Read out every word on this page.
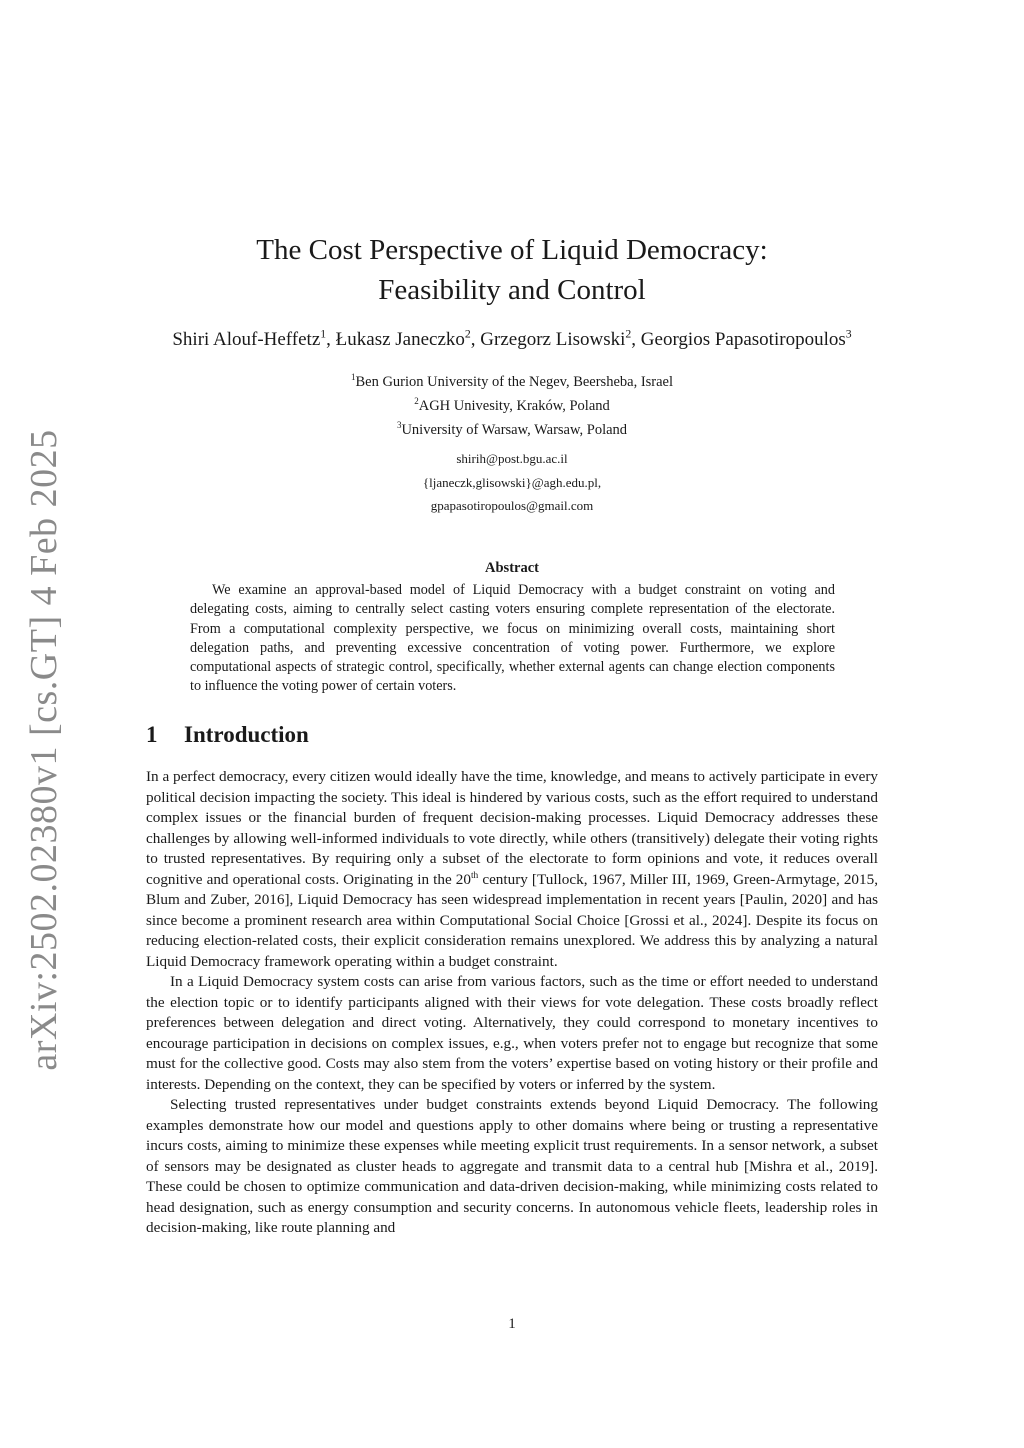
arXiv:2502.02380v1 [cs.GT] 4 Feb 2025
The Cost Perspective of Liquid Democracy:
Feasibility and Control
Shiri Alouf-Heffetz$^1$, Łukasz Janeczko$^2$, Grzegorz Lisowski$^2$, Georgios Papasotiropoulos$^3$
$^1$Ben Gurion University of the Negev, Beersheba, Israel
$^2$AGH Univesity, Kraków, Poland
$^3$University of Warsaw, Warsaw, Poland
shirih@post.bgu.ac.il
{ljaneczk,glisowski}@agh.edu.pl,
gpapasotiropoulos@gmail.com
Abstract

We examine an approval-based model of Liquid Democracy with a budget constraint on voting and delegating costs, aiming to centrally select casting voters ensuring complete representation of the electorate. From a computational complexity perspective, we focus on minimizing overall costs, maintaining short delegation paths, and preventing excessive concentration of voting power. Furthermore, we explore computational aspects of strategic control, specifically, whether external agents can change election components to influence the voting power of certain voters.

1 Introduction

In a perfect democracy, every citizen would ideally have the time, knowledge, and means to actively participate in every political decision impacting the society. This ideal is hindered by various costs, such as the effort required to understand complex issues or the financial burden of frequent decision-making processes. Liquid Democracy addresses these challenges by allowing well-informed individuals to vote directly, while others (transitively) delegate their voting rights to trusted representatives. By requiring only a subset of the electorate to form opinions and vote, it reduces overall cognitive and operational costs. Originating in the 20th century [Tullock, 1967, Miller III, 1969, Green-Armytage, 2015, Blum and Zuber, 2016], Liquid Democracy has seen widespread implementation in recent years [Paulin, 2020] and has since become a prominent research area within Computational Social Choice [Grossi et al., 2024]. Despite its focus on reducing election-related costs, their explicit consideration remains unexplored. We address this by analyzing a natural Liquid Democracy framework operating within a budget constraint.

In a Liquid Democracy system costs can arise from various factors, such as the time or effort needed to understand the election topic or to identify participants aligned with their views for vote delegation. These costs broadly reflect preferences between delegation and direct voting. Alternatively, they could correspond to monetary incentives to encourage participation in decisions on complex issues, e.g., when voters prefer not to engage but recognize that some must for the collective good. Costs may also stem from the voters’ expertise based on voting history or their profile and interests. Depending on the context, they can be specified by voters or inferred by the system.

Selecting trusted representatives under budget constraints extends beyond Liquid Democracy. The following examples demonstrate how our model and questions apply to other domains where being or trusting a representative incurs costs, aiming to minimize these expenses while meeting explicit trust requirements. In a sensor network, a subset of sensors may be designated as cluster heads to aggregate and transmit data to a central hub [Mishra et al., 2019]. These could be chosen to optimize communication and data-driven decision-making, while minimizing costs related to head designation, such as energy consumption and security concerns. In autonomous vehicle fleets, leadership roles in decision-making, like route planning and

1
